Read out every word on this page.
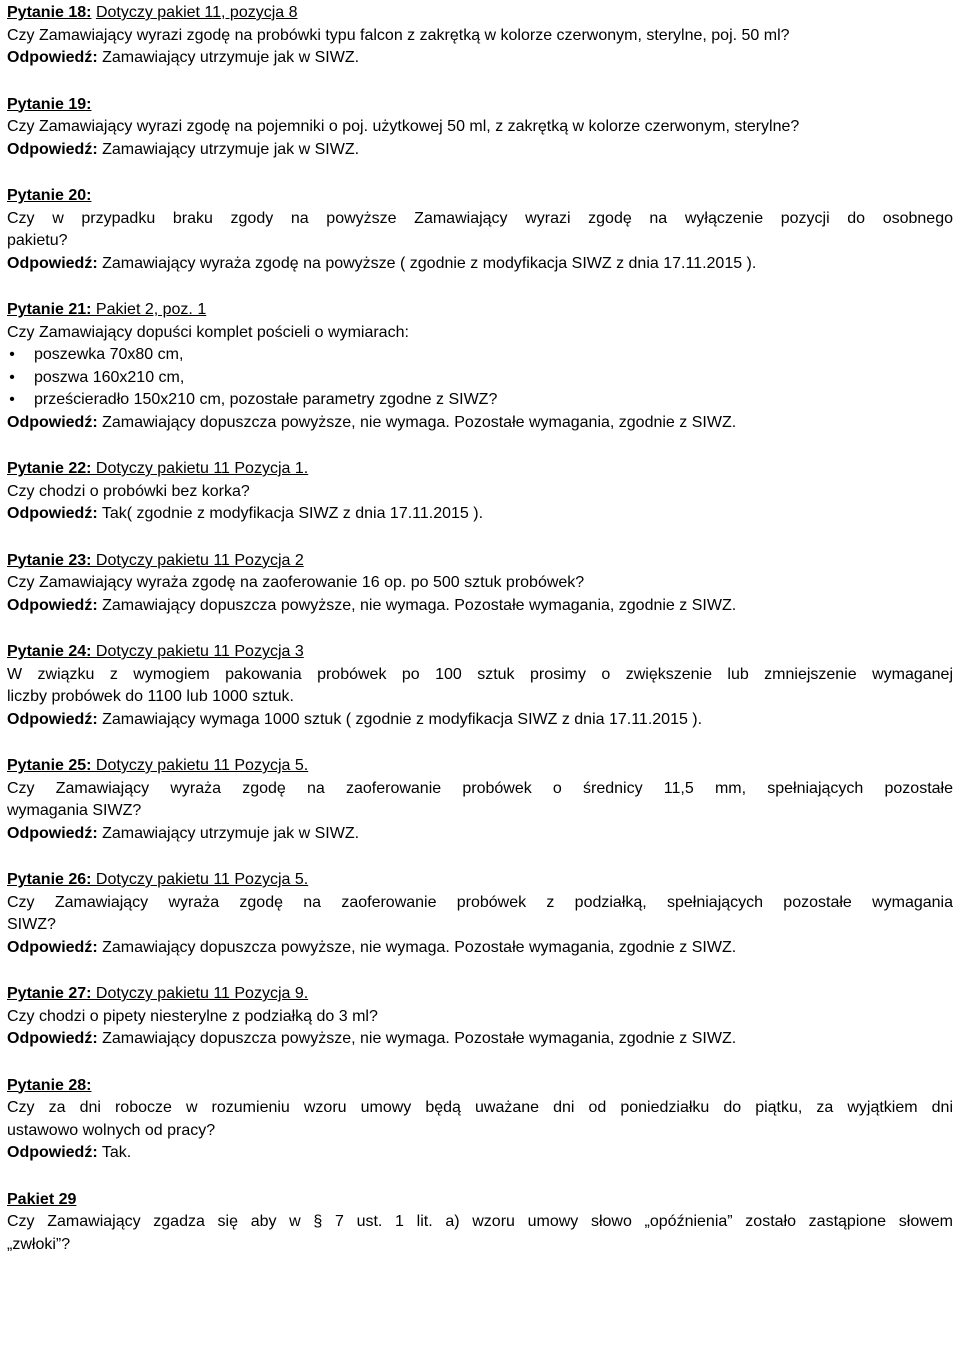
Pytanie 18: Dotyczy pakiet 11, pozycja 8
Czy Zamawiający wyrazi zgodę na probówki typu falcon z zakrętką w kolorze czerwonym, sterylne, poj. 50 ml?
Odpowiedź: Zamawiający utrzymuje jak w SIWZ.
Pytanie 19:
Czy Zamawiający wyrazi zgodę na pojemniki o poj. użytkowej 50 ml, z zakrętką w kolorze czerwonym, sterylne?
Odpowiedź: Zamawiający utrzymuje jak w SIWZ.
Pytanie 20:
Czy w przypadku braku zgody na powyższe Zamawiający wyrazi zgodę na wyłączenie pozycji do osobnego
pakietu?
Odpowiedź: Zamawiający wyraża zgodę na powyższe ( zgodnie z modyfikacja SIWZ z dnia 17.11.2015 ).
Pytanie 21: Pakiet 2, poz. 1
Czy Zamawiający dopuści komplet pościeli o wymiarach:
• poszewka 70x80 cm,
• poszwa 160x210 cm,
• prześcieradło 150x210 cm, pozostałe parametry zgodne z SIWZ?
Odpowiedź: Zamawiający dopuszcza powyższe, nie wymaga. Pozostałe wymagania, zgodnie z SIWZ.
Pytanie 22: Dotyczy pakietu 11 Pozycja 1.
Czy chodzi o probówki bez korka?
Odpowiedź: Tak( zgodnie z modyfikacja SIWZ z dnia 17.11.2015 ).
Pytanie 23: Dotyczy pakietu 11 Pozycja 2
Czy Zamawiający wyraża zgodę na zaoferowanie 16 op. po 500 sztuk probówek?
Odpowiedź: Zamawiający dopuszcza powyższe, nie wymaga. Pozostałe wymagania, zgodnie z SIWZ.
Pytanie 24: Dotyczy pakietu 11 Pozycja 3
W związku z wymogiem pakowania probówek po 100 sztuk prosimy o zwiększenie lub zmniejszenie wymaganej
liczby probówek do 1100 lub 1000 sztuk.
Odpowiedź: Zamawiający wymaga 1000 sztuk ( zgodnie z modyfikacja SIWZ z dnia 17.11.2015 ).
Pytanie 25: Dotyczy pakietu 11 Pozycja 5.
Czy Zamawiający wyraża zgodę na zaoferowanie probówek o średnicy 11,5 mm, spełniających pozostałe
wymagania SIWZ?
Odpowiedź: Zamawiający utrzymuje jak w SIWZ.
Pytanie 26: Dotyczy pakietu 11 Pozycja 5.
Czy Zamawiający wyraża zgodę na zaoferowanie probówek z podziałką, spełniających pozostałe wymagania
SIWZ?
Odpowiedź: Zamawiający dopuszcza powyższe, nie wymaga. Pozostałe wymagania, zgodnie z SIWZ.
Pytanie 27: Dotyczy pakietu 11 Pozycja 9.
Czy chodzi o pipety niesterylne z podziałką do 3 ml?
Odpowiedź: Zamawiający dopuszcza powyższe, nie wymaga. Pozostałe wymagania, zgodnie z SIWZ.
Pytanie 28:
Czy za dni robocze w rozumieniu wzoru umowy będą uważane dni od poniedziałku do piątku, za wyjątkiem dni
ustawowo wolnych od pracy?
Odpowiedź: Tak.
Pakiet 29
Czy Zamawiający zgadza się aby w § 7 ust. 1 lit. a) wzoru umowy słowo „opóźnienia” zostało zastąpione słowem
„zwłoki”?
